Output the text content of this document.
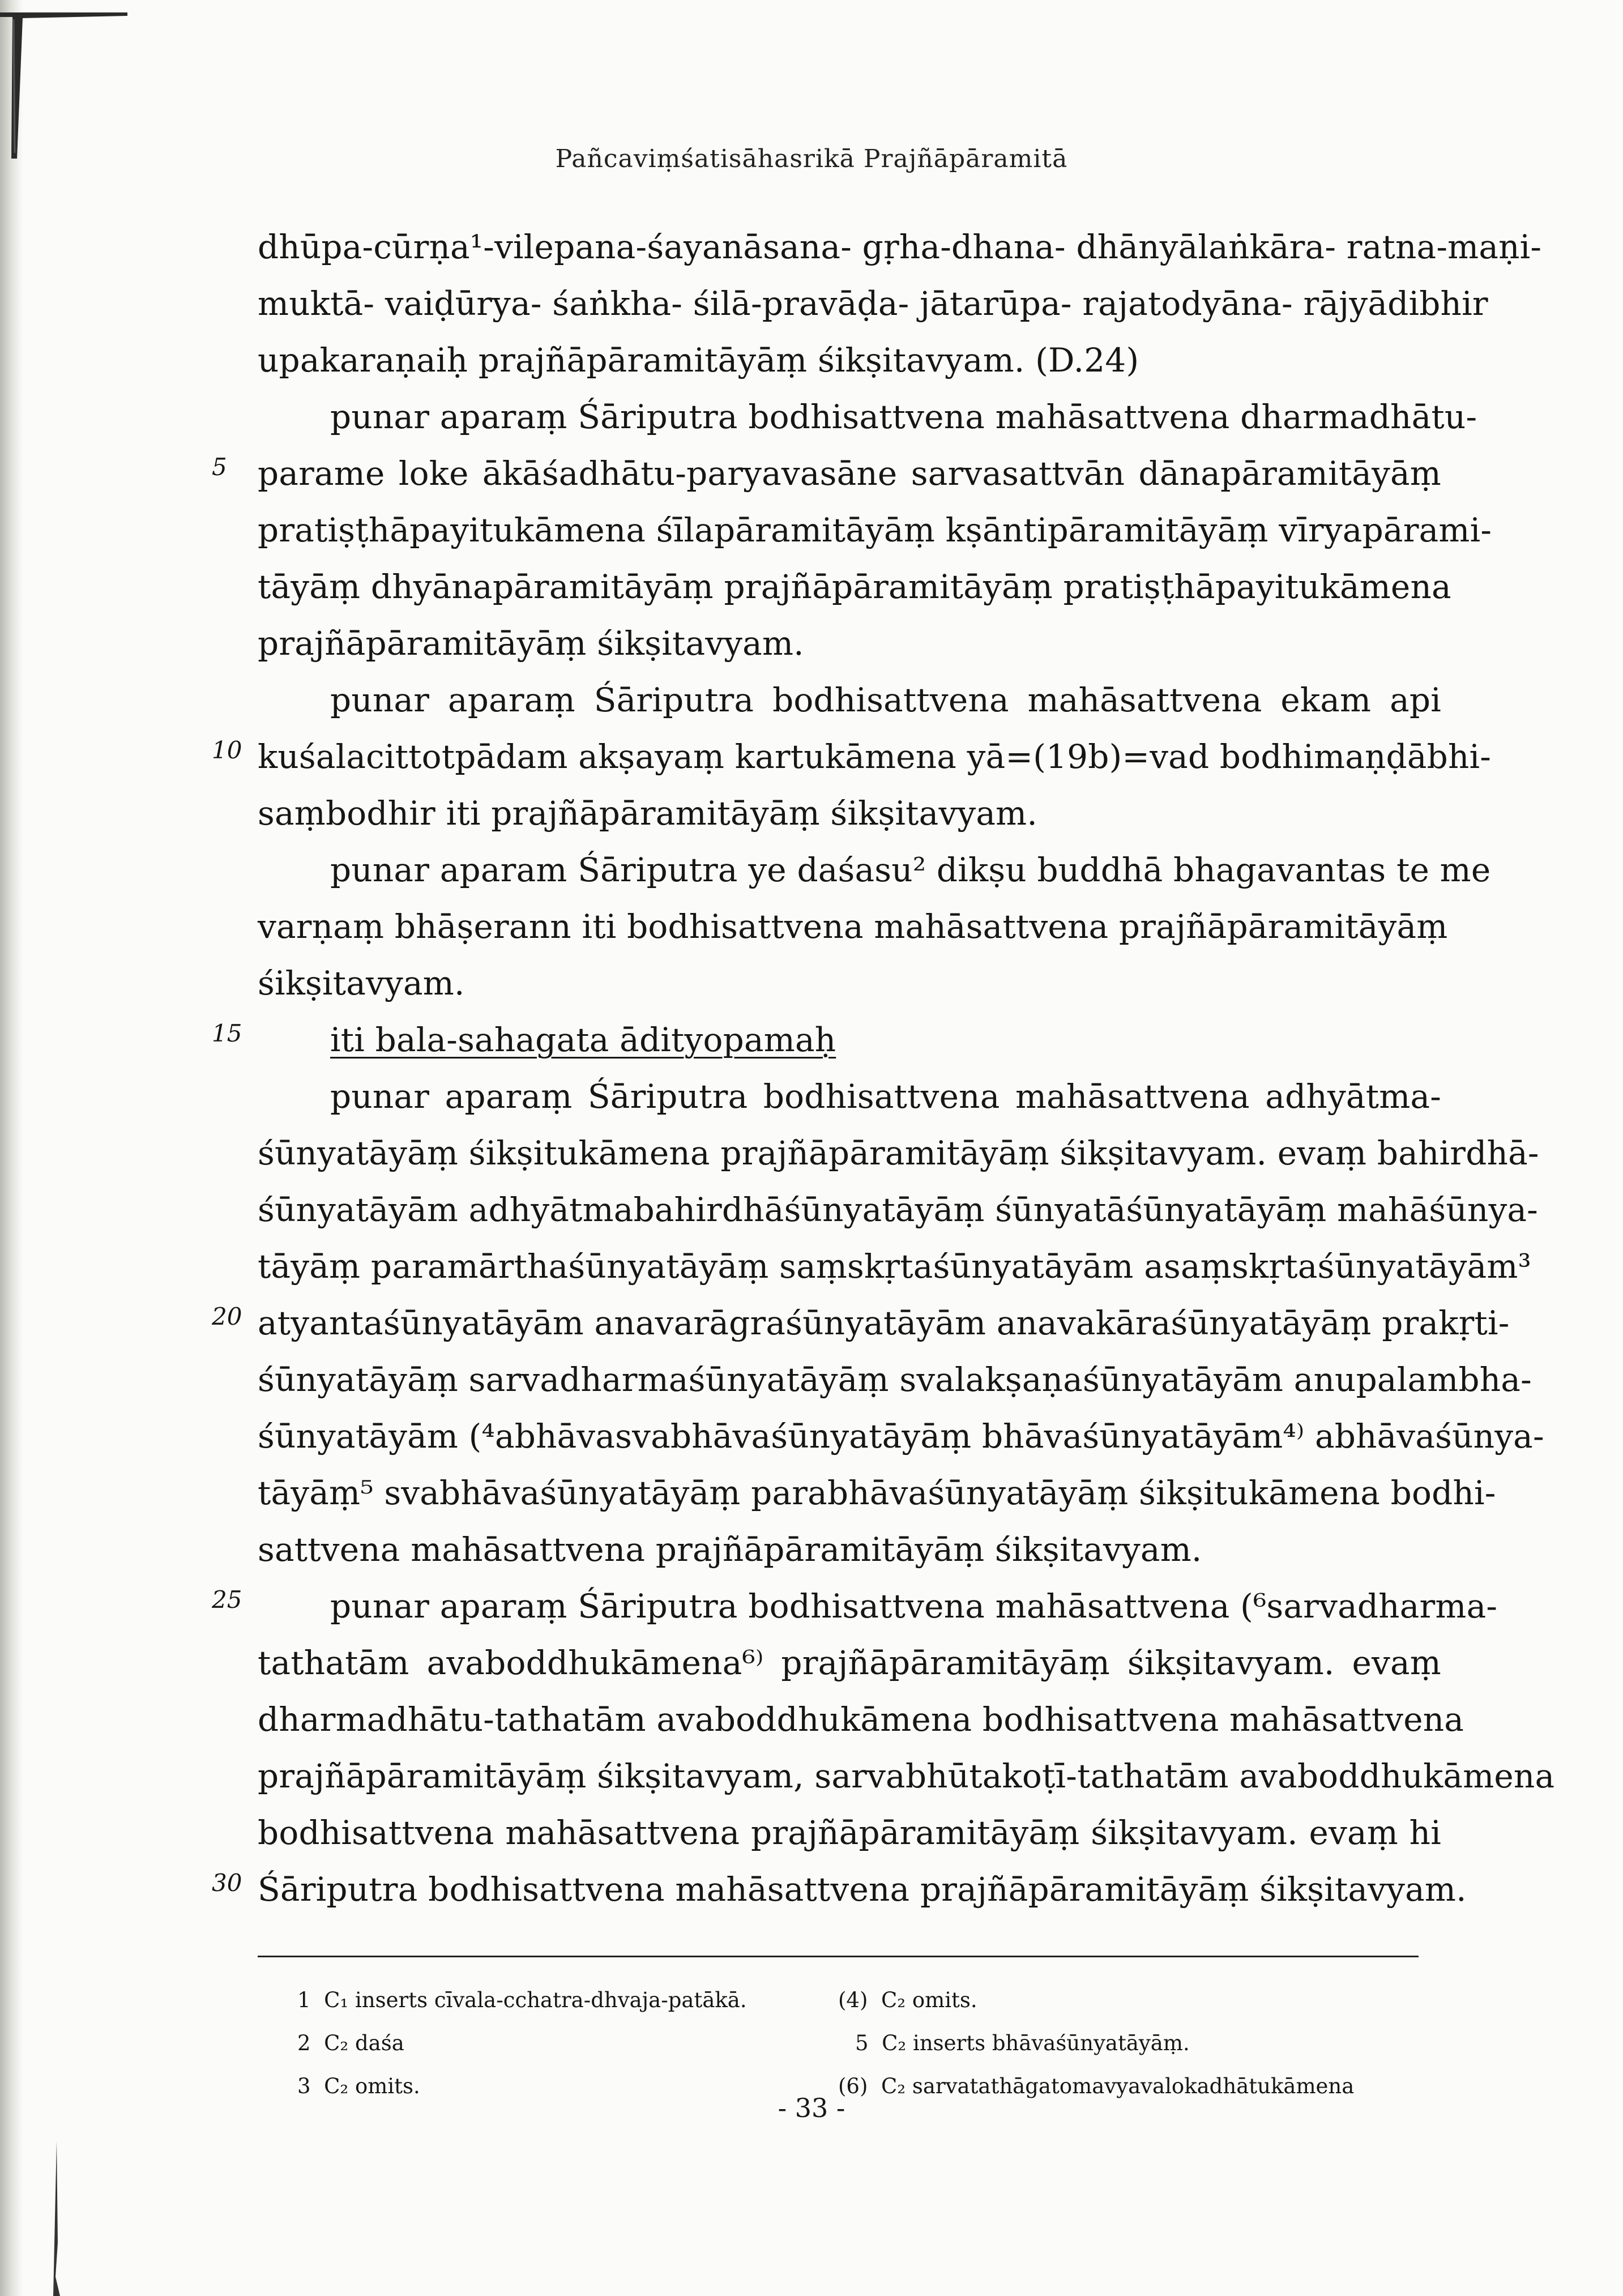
Pañcaviṃśatisāhasrikā Prajñāpāramitā
dhūpa-cūrṇa¹-vilepana-śayanāsana- gṛha-dhana- dhānyālaṅkāra- ratna-maṇi-
muktā- vaiḍūrya- śaṅkha- śilā-pravāḍa- jātarūpa- rajatodyāna- rājyādibhir
upakaraṇaiḥ prajñāpāramitāyāṃ śikṣitavyam. (D.24)
punar aparaṃ Śāriputra bodhisattvena mahāsattvena dharmadhātu-
parame loke ākāśadhātu-paryavasāne sarvasattvān dānapāramitāyāṃ
pratiṣṭhāpayitukāmena śīlapāramitāyāṃ kṣāntipāramitāyāṃ vīryapārami-
tāyāṃ dhyānapāramitāyāṃ prajñāpāramitāyāṃ pratiṣṭhāpayitukāmena
prajñāpāramitāyāṃ śikṣitavyam.
punar aparaṃ Śāriputra bodhisattvena mahāsattvena ekam api
kuśalacittotpādam akṣayaṃ kartukāmena yā=(19b)=vad bodhimaṇḍābhi-
saṃbodhir iti prajñāpāramitāyāṃ śikṣitavyam.
punar aparam Śāriputra ye daśasu² dikṣu buddhā bhagavantas te me
varṇaṃ bhāṣerann iti bodhisattvena mahāsattvena prajñāpāramitāyāṃ
śikṣitavyam.
iti bala-sahagata ādityopamaḥ
punar aparaṃ Śāriputra bodhisattvena mahāsattvena adhyātma-
śūnyatāyāṃ śikṣitukāmena prajñāpāramitāyāṃ śikṣitavyam. evaṃ bahirdhā-
śūnyatāyām adhyātmabahirdhāśūnyatāyāṃ śūnyatāśūnyatāyāṃ mahāśūnya-
tāyāṃ paramārthaśūnyatāyāṃ saṃskṛtaśūnyatāyām asaṃskṛtaśūnyatāyām³
atyantaśūnyatāyām anavarāgraśūnyatāyām anavakāraśūnyatāyāṃ prakṛti-
śūnyatāyāṃ sarvadharmaśūnyatāyāṃ svalakṣaṇaśūnyatāyām anupalambha-
śūnyatāyām (⁴abhāvasvabhāvaśūnyatāyāṃ bhāvaśūnyatāyām⁴⁾ abhāvaśūnya-
tāyāṃ⁵ svabhāvaśūnyatāyāṃ parabhāvaśūnyatāyāṃ śikṣitukāmena bodhi-
sattvena mahāsattvena prajñāpāramitāyāṃ śikṣitavyam.
punar aparaṃ Śāriputra bodhisattvena mahāsattvena (⁶sarvadharma-
tathatām avaboddhukāmena⁶⁾ prajñāpāramitāyāṃ śikṣitavyam. evaṃ
dharmadhātu-tathatām avaboddhukāmena bodhisattvena mahāsattvena
prajñāpāramitāyāṃ śikṣitavyam, sarvabhūtakoṭī-tathatām avaboddhukāmena
bodhisattvena mahāsattvena prajñāpāramitāyāṃ śikṣitavyam. evaṃ hi
Śāriputra bodhisattvena mahāsattvena prajñāpāramitāyāṃ śikṣitavyam.
5
10
15
20
25
30
1 C₁ inserts cīvala-cchatra-dhvaja-patākā.
2 C₂ daśa
3 C₂ omits.
(4) C₂ omits.
5 C₂ inserts bhāvaśūnyatāyāṃ.
(6) C₂ sarvatathāgatomavyavalokadhātukāmena
- 33 -
